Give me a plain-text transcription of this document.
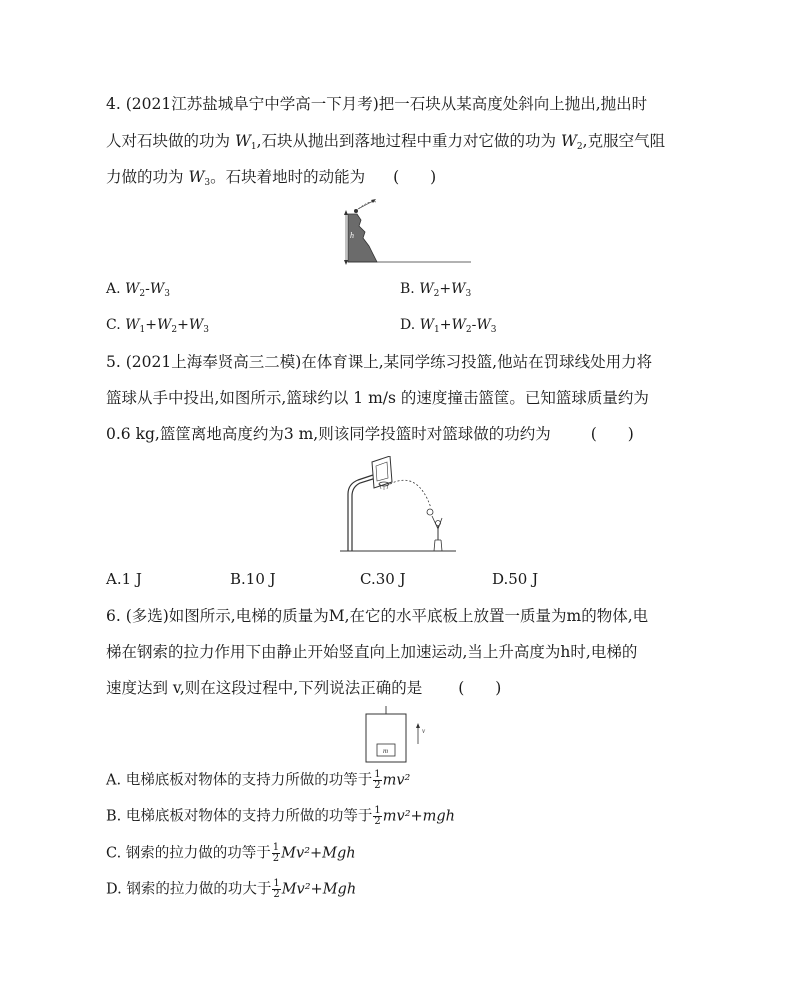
4. (2021江苏盐城阜宁中学高一下月考)把一石块从某高度处斜向上抛出,抛出时
人对石块做的功为 $W_1$,石块从抛出到落地过程中重力对它做的功为 $W_2$,克服空气阻
力做的功为 $W_3$。石块着地时的动能为 (　　)
h
A. $W_2-W_3$	B. $W_2+W_3$
C. $W_1+W_2+W_3$	D. $W_1+W_2-W_3$
5. (2021上海奉贤高三二模)在体育课上,某同学练习投篮,他站在罚球线处用力将
篮球从手中投出,如图所示,篮球约以 1 m/s 的速度撞击篮筐。已知篮球质量约为
0.6 kg,篮筐离地高度约为3 m,则该同学投篮时对篮球做的功约为	(　　)
A.1 J	B.10 J	C.30 J	D.50 J
6. (多选)如图所示,电梯的质量为M,在它的水平底板上放置一质量为m的物体,电
梯在钢索的拉力作用下由静止开始竖直向上加速运动,当上升高度为h时,电梯的
速度达到 v,则在这段过程中,下列说法正确的是 (　　)
m
v
A. 电梯底板对物体的支持力所做的功等于 $\frac{1}{2} mv^2$
B. 电梯底板对物体的支持力所做的功等于 $\frac{1}{2} mv^2+mgh$
C. 钢索的拉力做的功等于 $\frac{1}{2} Mv^2+Mgh$
D. 钢索的拉力做的功大于 $\frac{1}{2} Mv^2+Mgh$
